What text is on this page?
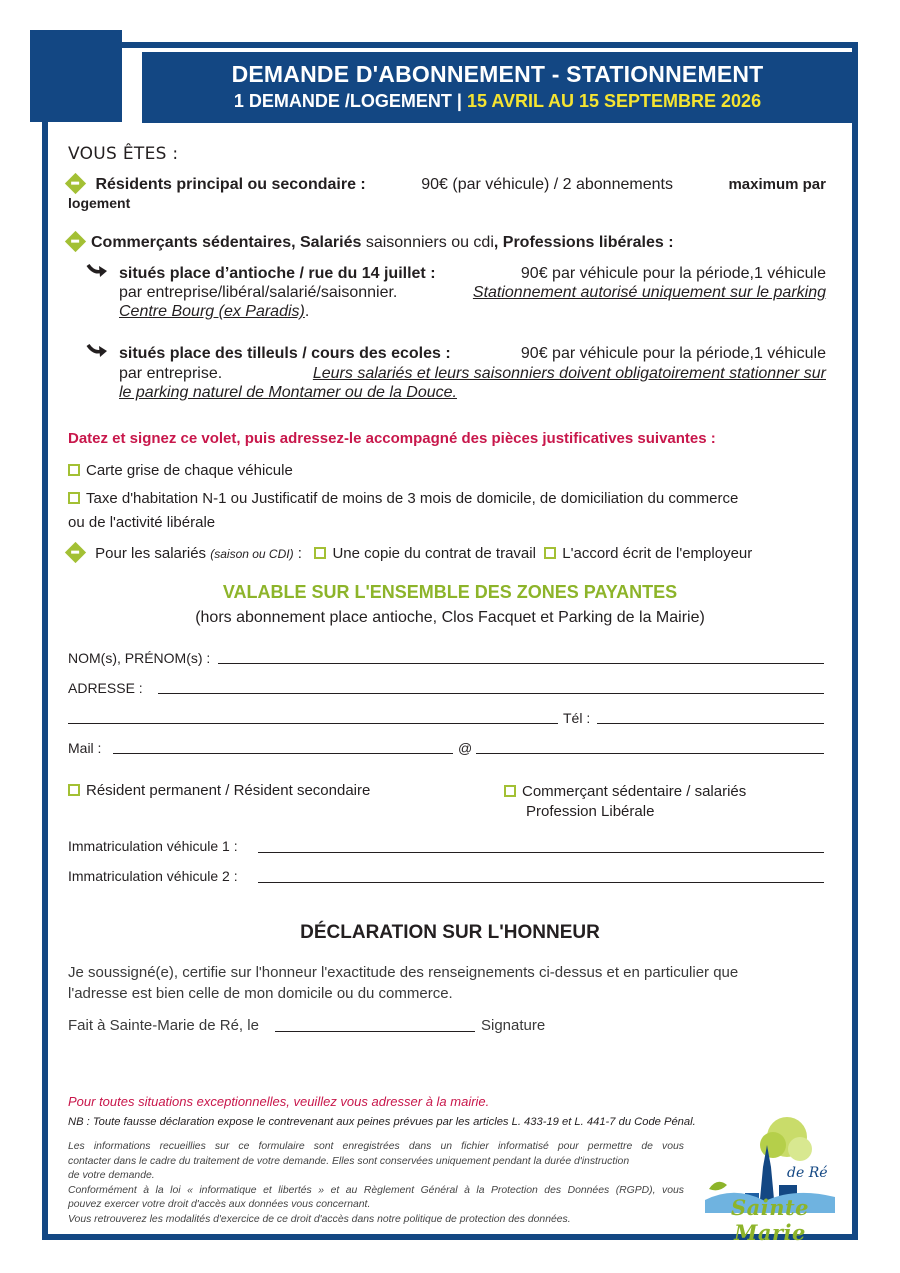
DEMANDE D'ABONNEMENT - STATIONNEMENT
1 DEMANDE /LOGEMENT | 15 AVRIL AU 15 SEPTEMBRE 2026
VOUS ÊTES :
Résidents principal ou secondaire :	90€ (par véhicule) / 2 abonnements	maximum par
logement
Commerçants sédentaires, Salariés saisonniers ou cdi, Professions libérales :
situés place d’antioche / rue du 14 juillet :	90€ par véhicule pour la période,1 véhicule
par entreprise/libéral/salarié/saisonnier.	Stationnement autorisé uniquement sur le parking
Centre Bourg (ex Paradis).
situés place des tilleuls / cours des ecoles :	90€ par véhicule pour la période,1 véhicule
par entreprise.	Leurs salariés et leurs saisonniers doivent obligatoirement stationner sur
le parking naturel de Montamer ou de la Douce.
Datez et signez ce volet, puis adressez-le accompagné des pièces justificatives suivantes :
Carte grise de chaque véhicule
Taxe d'habitation N-1 ou Justificatif de moins de 3 mois de domicile, de domiciliation du commerce
ou de l'activité libérale
Pour les salariés (saison ou CDI) : Une copie du contrat de travail L'accord écrit de l'employeur
VALABLE SUR L'ENSEMBLE DES ZONES PAYANTES
(hors abonnement place antioche, Clos Facquet et Parking de la Mairie)
NOM(s), PRÉNOM(s) :
ADRESSE :
Tél :
Mail :	@
Résident permanent / Résident secondaire	Commerçant sédentaire / salariés
Profession Libérale
Immatriculation véhicule 1 :
Immatriculation véhicule 2 :
DÉCLARATION SUR L'HONNEUR
Je soussigné(e), certifie sur l'honneur l'exactitude des renseignements ci-dessus et en particulier que
l'adresse est bien celle de mon domicile ou du commerce.
Fait à Sainte-Marie de Ré, le	Signature
Pour toutes situations exceptionnelles, veuillez vous adresser à la mairie.
NB : Toute fausse déclaration expose le contrevenant aux peines prévues par les articles L. 433-19 et L. 441-7 du Code Pénal.
Les informations recueillies sur ce formulaire sont enregistrées dans un fichier informatisé pour permettre de vous
contacter dans le cadre du traitement de votre demande. Elles sont conservées uniquement pendant la durée d'instruction
de votre demande.
Conformément à la loi « informatique et libertés » et au Règlement Général à la Protection des Données (RGPD), vous
pouvez exercer votre droit d'accès aux données vous concernant.
Vous retrouverez les modalités d'exercice de ce droit d'accès dans notre politique de protection des données.
de Ré
Sainte Marie
